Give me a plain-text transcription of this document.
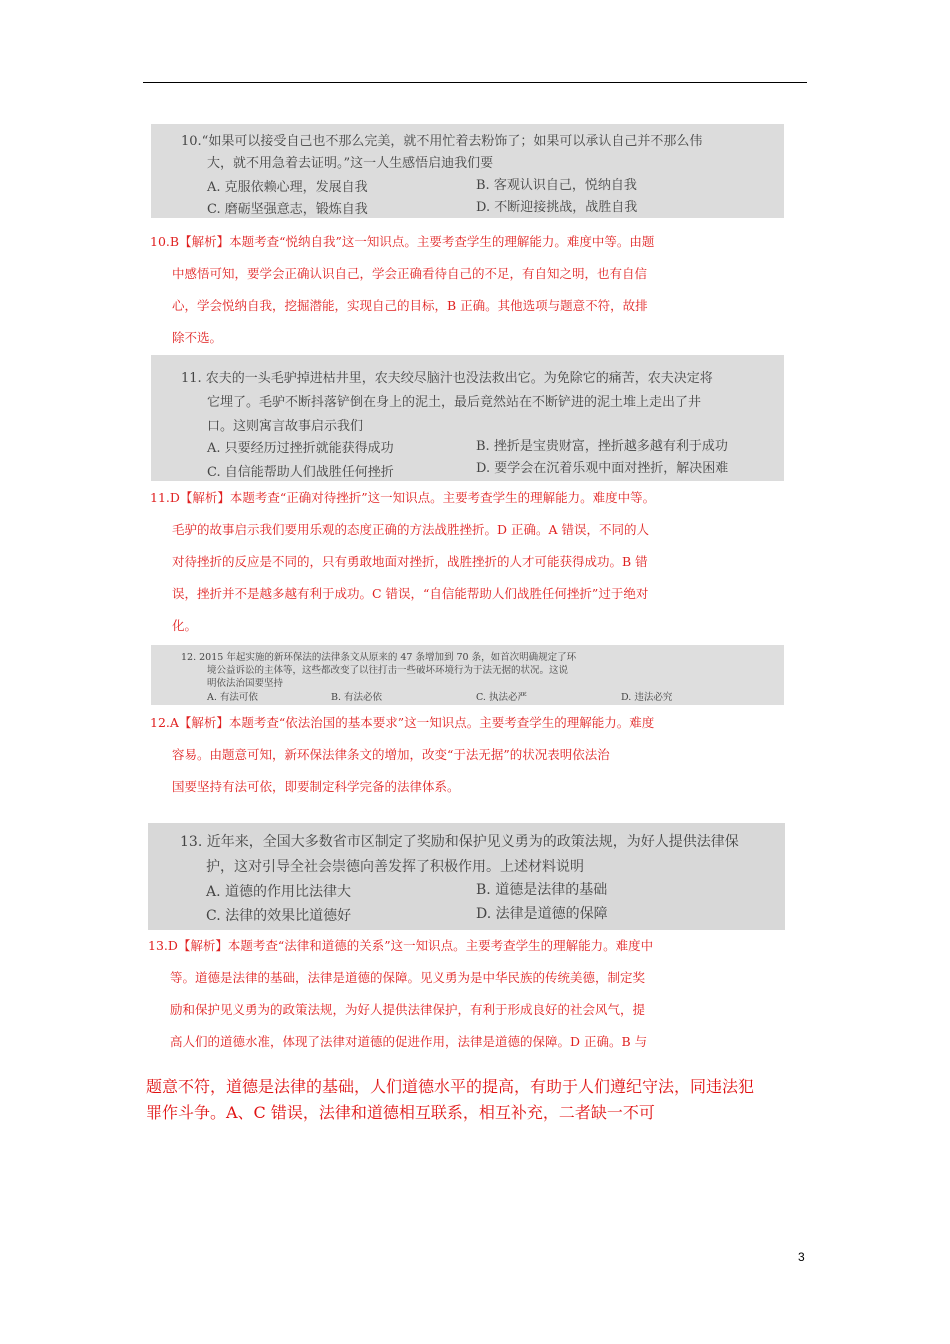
10.“如果可以接受自己也不那么完美，就不用忙着去粉饰了；如果可以承认自己并不那么伟

大，就不用急着去证明。”这一人生感悟启迪我们要

A. 克服依赖心理，发展自我	B. 客观认识自己，悦纳自我

C. 磨砺坚强意志，锻炼自我	D. 不断迎接挑战，战胜自我

10.B【解析】本题考查“悦纳自我”这一知识点。主要考查学生的理解能力。难度中等。由题

中感悟可知，要学会正确认识自己，学会正确看待自己的不足，有自知之明，也有自信

心，学会悦纳自我，挖掘潜能，实现自己的目标，B 正确。其他选项与题意不符，故排

除不选。

11. 农夫的一头毛驴掉进枯井里，农夫绞尽脑汁也没法救出它。为免除它的痛苦，农夫决定将

它埋了。毛驴不断抖落铲倒在身上的泥土，最后竟然站在不断铲进的泥土堆上走出了井

口。这则寓言故事启示我们

A. 只要经历过挫折就能获得成功	B. 挫折是宝贵财富，挫折越多越有利于成功

C. 自信能帮助人们战胜任何挫折	D. 要学会在沉着乐观中面对挫折，解决困难

11.D【解析】本题考查“正确对待挫折”这一知识点。主要考查学生的理解能力。难度中等。

毛驴的故事启示我们要用乐观的态度正确的方法战胜挫折。D 正确。A 错误，不同的人

对待挫折的反应是不同的，只有勇敢地面对挫折，战胜挫折的人才可能获得成功。B 错

误，挫折并不是越多越有利于成功。C 错误，“自信能帮助人们战胜任何挫折”过于绝对

化。

12. 2015 年起实施的新环保法的法律条文从原来的 47 条增加到 70 条，如首次明确规定了环

境公益诉讼的主体等，这些都改变了以往打击一些破坏环境行为于法无据的状况。这说

明依法治国要坚持

A. 有法可依	B. 有法必依	C. 执法必严	D. 违法必究

12.A【解析】本题考查“依法治国的基本要求”这一知识点。主要考查学生的理解能力。难度

容易。由题意可知，新环保法律条文的增加，改变“于法无据”的状况表明依法治

国要坚持有法可依，即要制定科学完备的法律体系。

13. 近年来，全国大多数省市区制定了奖励和保护见义勇为的政策法规，为好人提供法律保

护，这对引导全社会崇德向善发挥了积极作用。上述材料说明

A. 道德的作用比法律大	B. 道德是法律的基础

C. 法律的效果比道德好	D. 法律是道德的保障

13.D【解析】本题考查“法律和道德的关系”这一知识点。主要考查学生的理解能力。难度中

等。道德是法律的基础，法律是道德的保障。见义勇为是中华民族的传统美德，制定奖

励和保护见义勇为的政策法规，为好人提供法律保护，有利于形成良好的社会风气，提

高人们的道德水准，体现了法律对道德的促进作用，法律是道德的保障。D 正确。B 与

题意不符，道德是法律的基础，人们道德水平的提高，有助于人们遵纪守法，同违法犯

罪作斗争。A、C 错误，法律和道德相互联系，相互补充，二者缺一不可

3
